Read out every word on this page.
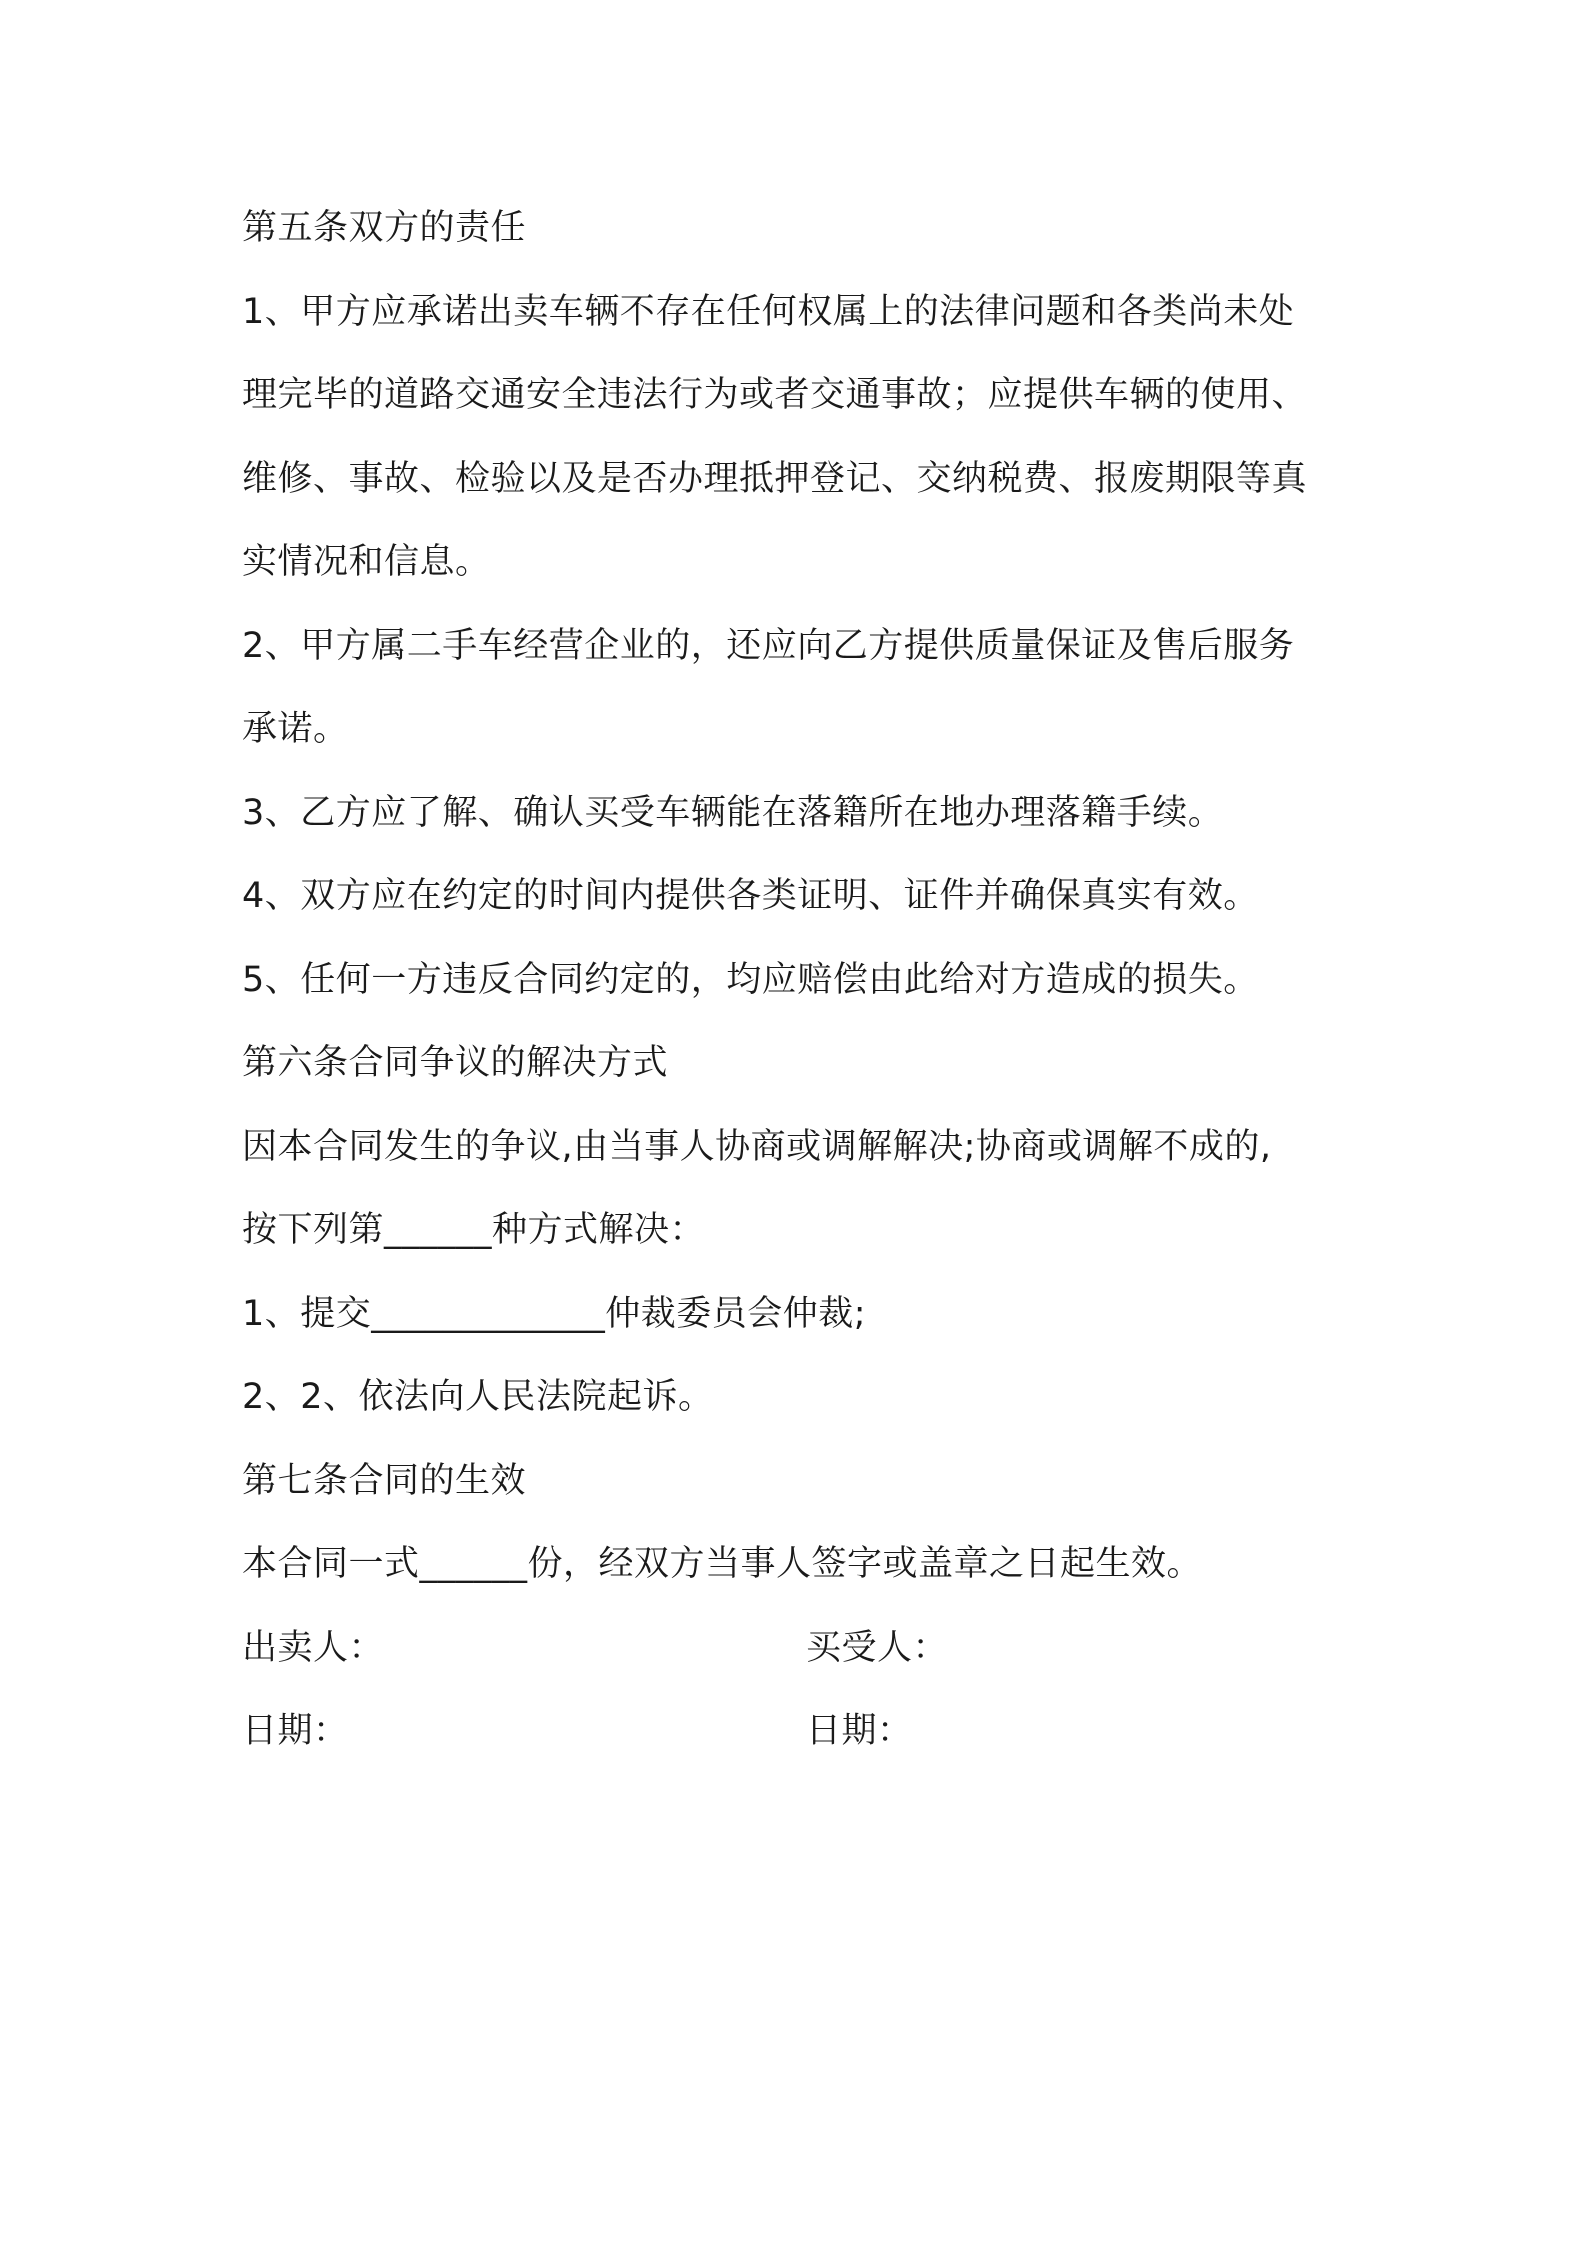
第五条双方的责任
1、甲方应承诺出卖车辆不存在任何权属上的法律问题和各类尚未处
理完毕的道路交通安全违法行为或者交通事故；应提供车辆的使用、
维修、事故、检验以及是否办理抵押登记、交纳税费、报废期限等真
实情况和信息。
2、甲方属二手车经营企业的，还应向乙方提供质量保证及售后服务
承诺。
3、乙方应了解、确认买受车辆能在落籍所在地办理落籍手续。
4、双方应在约定的时间内提供各类证明、证件并确保真实有效。
5、任何一方违反合同约定的，均应赔偿由此给对方造成的损失。
第六条合同争议的解决方式
因本合同发生的争议,由当事人协商或调解解决;协商或调解不成的,
按下列第______种方式解决：
1、提交_____________仲裁委员会仲裁;
2、2、依法向人民法院起诉。
第七条合同的生效
本合同一式______份，经双方当事人签字或盖章之日起生效。
出卖人：	买受人：
日期：	日期：
